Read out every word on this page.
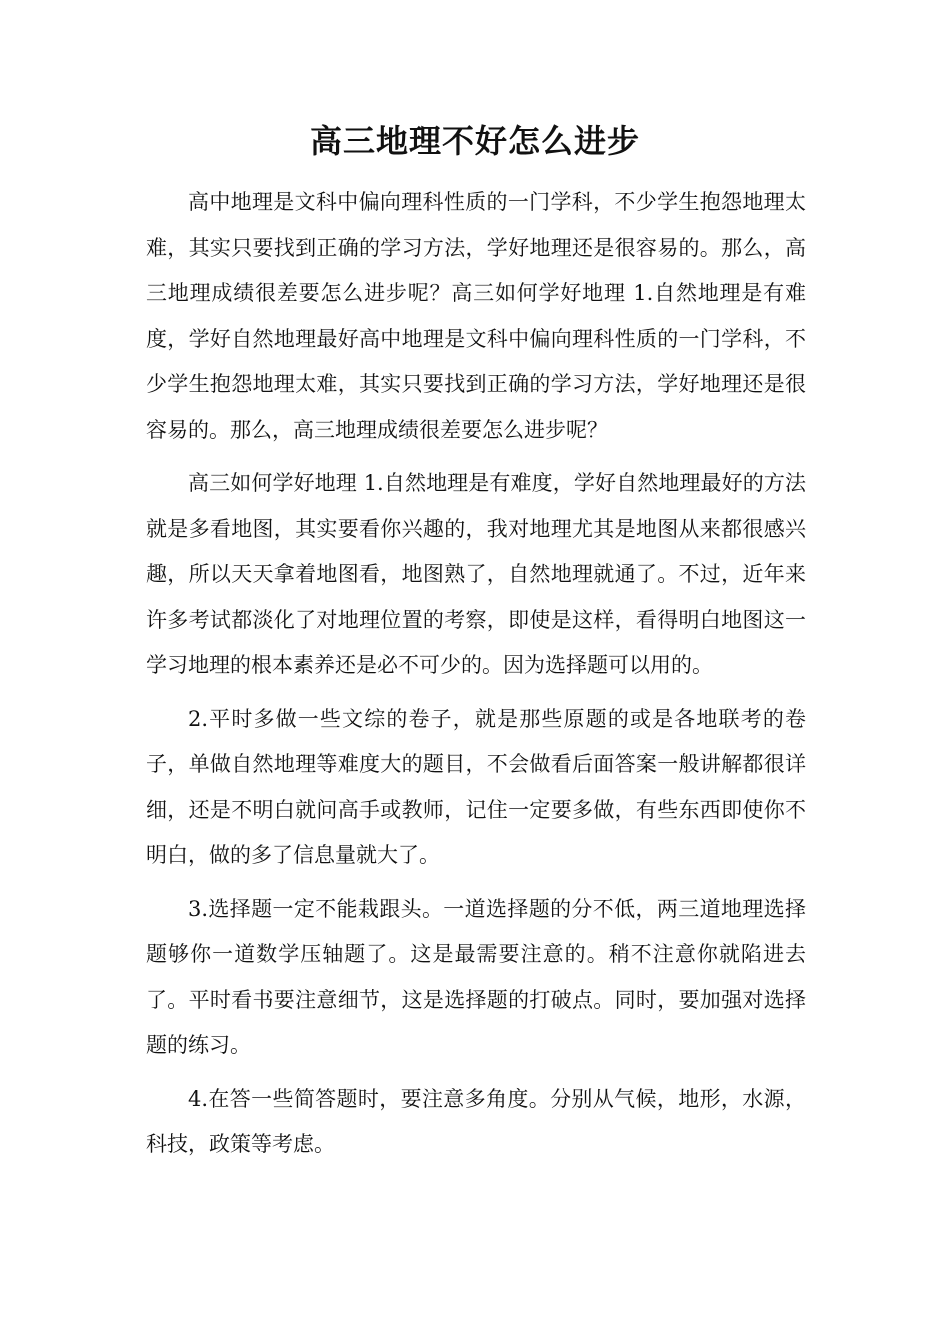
高三地理不好怎么进步

高中地理是文科中偏向理科性质的一门学科，不少学生抱怨地理太难，其实只要找到正确的学习方法，学好地理还是很容易的。那么，高三地理成绩很差要怎么进步呢？高三如何学好地理 1.自然地理是有难度，学好自然地理最好高中地理是文科中偏向理科性质的一门学科，不少学生抱怨地理太难，其实只要找到正确的学习方法，学好地理还是很容易的。那么，高三地理成绩很差要怎么进步呢？

高三如何学好地理 1.自然地理是有难度，学好自然地理最好的方法就是多看地图，其实要看你兴趣的，我对地理尤其是地图从来都很感兴趣，所以天天拿着地图看，地图熟了，自然地理就通了。不过，近年来许多考试都淡化了对地理位置的考察，即使是这样，看得明白地图这一学习地理的根本素养还是必不可少的。因为选择题可以用的。

2.平时多做一些文综的卷子，就是那些原题的或是各地联考的卷子，单做自然地理等难度大的题目，不会做看后面答案一般讲解都很详细，还是不明白就问高手或教师，记住一定要多做，有些东西即使你不明白，做的多了信息量就大了。

3.选择题一定不能栽跟头。一道选择题的分不低，两三道地理选择题够你一道数学压轴题了。这是最需要注意的。稍不注意你就陷进去了。平时看书要注意细节，这是选择题的打破点。同时，要加强对选择题的练习。

4.在答一些简答题时，要注意多角度。分别从气候，地形，水源，科技，政策等考虑。
